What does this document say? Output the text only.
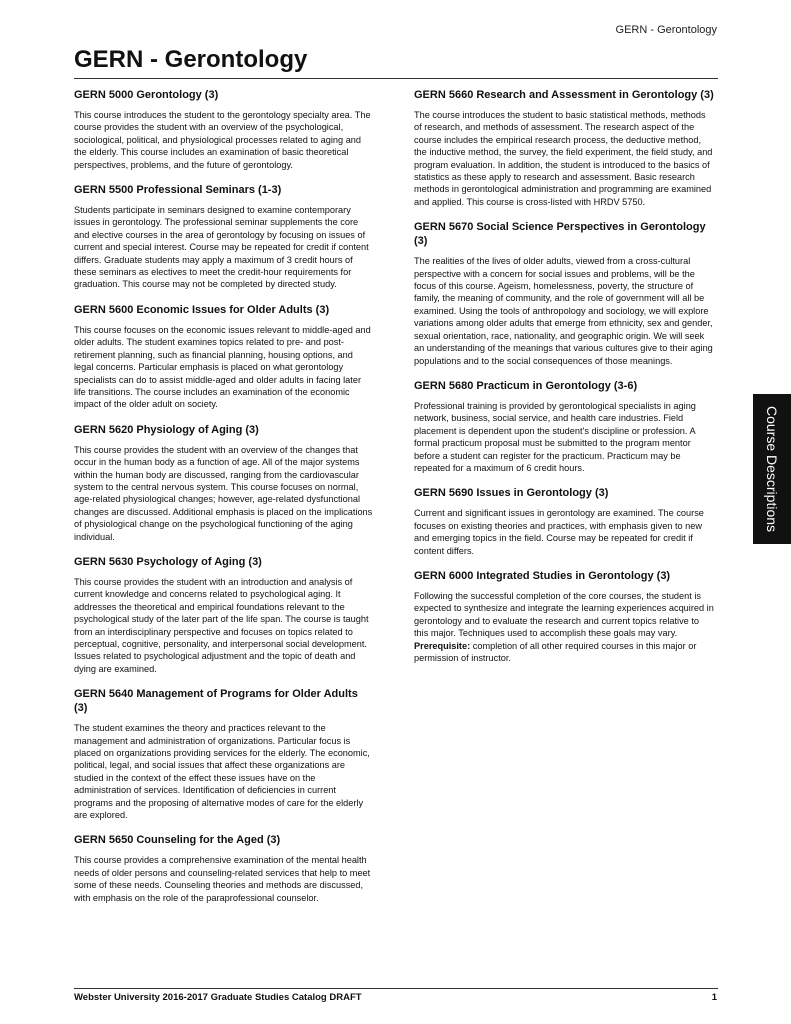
GERN - Gerontology
GERN - Gerontology
GERN 5000 Gerontology (3)

This course introduces the student to the gerontology specialty area. The course provides the student with an overview of the psychological, sociological, political, and physiological processes related to aging and the elderly. This course includes an examination of basic theoretical perspectives, problems, and the future of gerontology.

GERN 5500 Professional Seminars (1-3)

Students participate in seminars designed to examine contemporary issues in gerontology. The professional seminar supplements the core and elective courses in the area of gerontology by focusing on issues of current and special interest. Course may be repeated for credit if content differs. Graduate students may apply a maximum of 3 credit hours of these seminars as electives to meet the credit-hour requirements for graduation. This course may not be completed by directed study.

GERN 5600 Economic Issues for Older Adults (3)

This course focuses on the economic issues relevant to middle-aged and older adults. The student examines topics related to pre- and post-retirement planning, such as financial planning, housing options, and legal concerns. Particular emphasis is placed on what gerontology specialists can do to assist middle-aged and older adults in facing later life transitions. The course includes an examination of the economic impact of the older adult on society.

GERN 5620 Physiology of Aging (3)

This course provides the student with an overview of the changes that occur in the human body as a function of age. All of the major systems within the human body are discussed, ranging from the cardiovascular system to the central nervous system. This course focuses on normal, age-related physiological changes; however, age-related dysfunctional changes are discussed. Additional emphasis is placed on the implications of physiological change on the psychological functioning of the aging individual.

GERN 5630 Psychology of Aging (3)

This course provides the student with an introduction and analysis of current knowledge and concerns related to psychological aging. It addresses the theoretical and empirical foundations relevant to the psychological study of the later part of the life span. The course is taught from an interdisciplinary perspective and focuses on topics related to perceptual, cognitive, personality, and interpersonal social development. Issues related to psychological adjustment and the topic of death and dying are examined.

GERN 5640 Management of Programs for Older Adults (3)

The student examines the theory and practices relevant to the management and administration of organizations. Particular focus is placed on organizations providing services for the elderly. The economic, political, legal, and social issues that affect these organizations are studied in the context of the effect these issues have on the administration of services. Identification of deficiencies in current programs and the proposing of alternative modes of care for the elderly are explored.

GERN 5650 Counseling for the Aged (3)

This course provides a comprehensive examination of the mental health needs of older persons and counseling-related services that help to meet some of these needs. Counseling theories and methods are discussed, with emphasis on the role of the paraprofessional counselor.

GERN 5660 Research and Assessment in Gerontology (3)

The course introduces the student to basic statistical methods, methods of research, and methods of assessment. The research aspect of the course includes the empirical research process, the deductive method, the inductive method, the survey, the field experiment, the field study, and program evaluation. In addition, the student is introduced to the basics of statistics as these apply to research and assessment. Basic research methods in gerontological administration and programming are examined and applied. This course is cross-listed with HRDV 5750.

GERN 5670 Social Science Perspectives in Gerontology (3)

The realities of the lives of older adults, viewed from a cross-cultural perspective with a concern for social issues and problems, will be the focus of this course. Ageism, homelessness, poverty, the structure of family, the meaning of community, and the role of government will all be examined. Using the tools of anthropology and sociology, we will explore variations among older adults that emerge from ethnicity, sex and gender, sexual orientation, race, nationality, and geographic origin. We will seek an understanding of the meanings that various cultures give to their aging populations and to the social consequences of those meanings.

GERN 5680 Practicum in Gerontology (3-6)

Professional training is provided by gerontological specialists in aging network, business, social service, and health care industries. Field placement is dependent upon the student's discipline or profession. A formal practicum proposal must be submitted to the program mentor before a student can register for the practicum. Practicum may be repeated for a maximum of 6 credit hours.

GERN 5690 Issues in Gerontology (3)

Current and significant issues in gerontology are examined. The course focuses on existing theories and practices, with emphasis given to new and emerging topics in the field. Course may be repeated for credit if content differs.

GERN 6000 Integrated Studies in Gerontology (3)

Following the successful completion of the core courses, the student is expected to synthesize and integrate the learning experiences acquired in gerontology and to evaluate the research and current topics relative to this major. Techniques used to accomplish these goals may vary. Prerequisite: completion of all other required courses in this major or permission of instructor.

Course Descriptions
Webster University 2016-2017 Graduate Studies Catalog DRAFT	1
